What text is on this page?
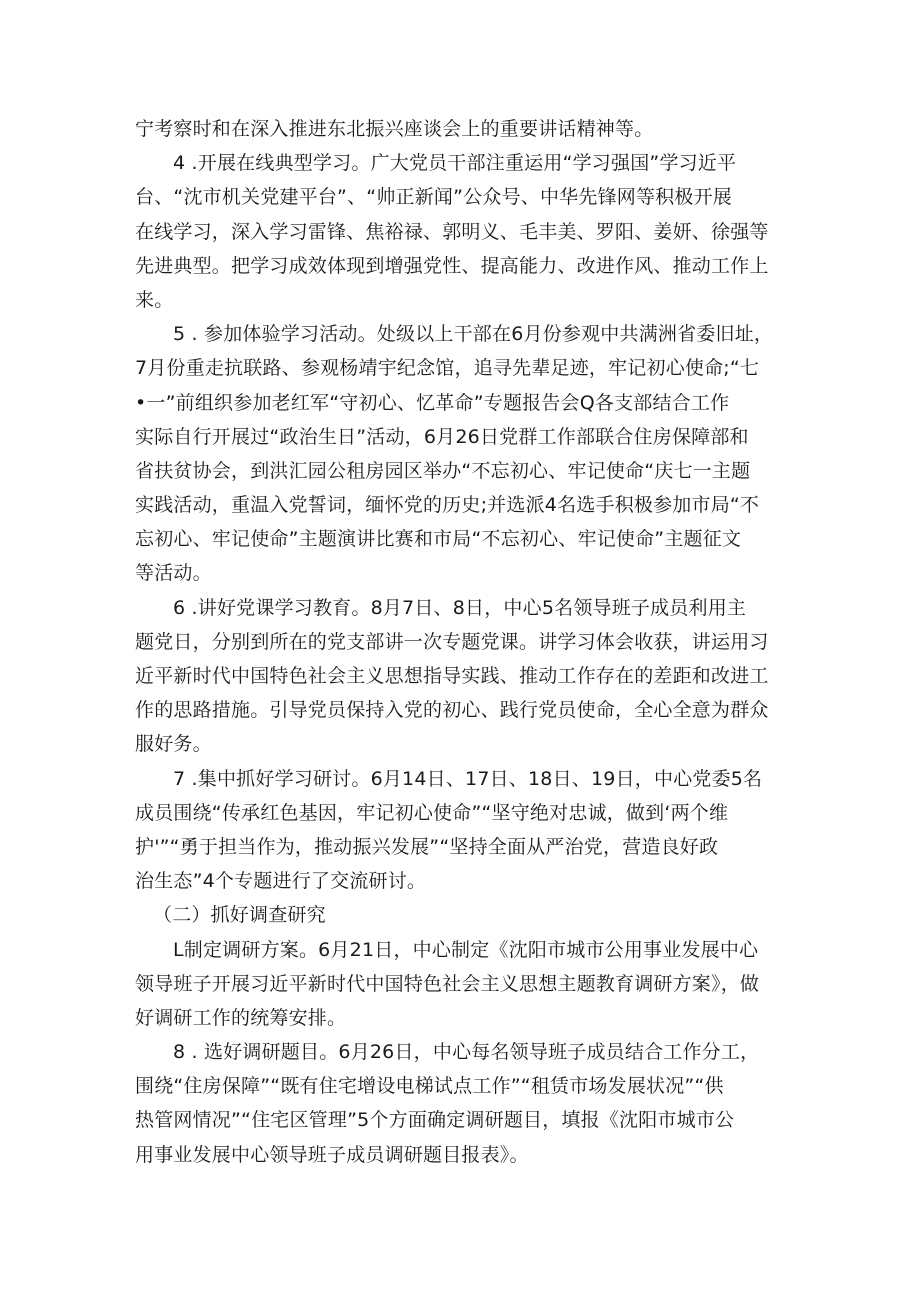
宁考察时和在深入推进东北振兴座谈会上的重要讲话精神等。
4 .开展在线典型学习。广大党员干部注重运用“学习强国”学习近平
台、“沈市机关党建平台”、“帅正新闻”公众号、中华先锋网等积极开展
在线学习，深入学习雷锋、焦裕禄、郭明义、毛丰美、罗阳、姜妍、徐强等
先进典型。把学习成效体现到增强党性、提高能力、改进作风、推动工作上
来。
5 . 参加体验学习活动。处级以上干部在6月份参观中共满洲省委旧址，
7月份重走抗联路、参观杨靖宇纪念馆，追寻先辈足迹，牢记初心使命;“七
•一”前组织参加老红军“守初心、忆革命”专题报告会Q各支部结合工作
实际自行开展过“政治生日”活动，6月26日党群工作部联合住房保障部和
省扶贫协会，到洪汇园公租房园区举办“不忘初心、牢记使命“庆七一主题
实践活动，重温入党誓词，缅怀党的历史;并选派4名选手积极参加市局“不
忘初心、牢记使命”主题演讲比赛和市局“不忘初心、牢记使命”主题征文
等活动。
6 .讲好党课学习教育。8月7日、8日，中心5名领导班子成员利用主
题党日，分别到所在的党支部讲一次专题党课。讲学习体会收获，讲运用习
近平新时代中国特色社会主义思想指导实践、推动工作存在的差距和改进工
作的思路措施。引导党员保持入党的初心、践行党员使命，全心全意为群众
服好务。
7 .集中抓好学习研讨。6月14日、17日、18日、19日，中心党委5名
成员围绕“传承红色基因，牢记初心使命”“坚守绝对忠诚，做到‘两个维
护'”“勇于担当作为，推动振兴发展”“坚持全面从严治党，营造良好政
治生态”4个专题进行了交流研讨。
（二）抓好调查研究
L制定调研方案。6月21日，中心制定《沈阳市城市公用事业发展中心
领导班子开展习近平新时代中国特色社会主义思想主题教育调研方案》，做
好调研工作的统筹安排。
8 . 选好调研题目。6月26日，中心每名领导班子成员结合工作分工，
围绕“住房保障”“既有住宅增设电梯试点工作”“租赁市场发展状况”“供
热管网情况”“住宅区管理”5个方面确定调研题目，填报《沈阳市城市公
用事业发展中心领导班子成员调研题目报表》。
